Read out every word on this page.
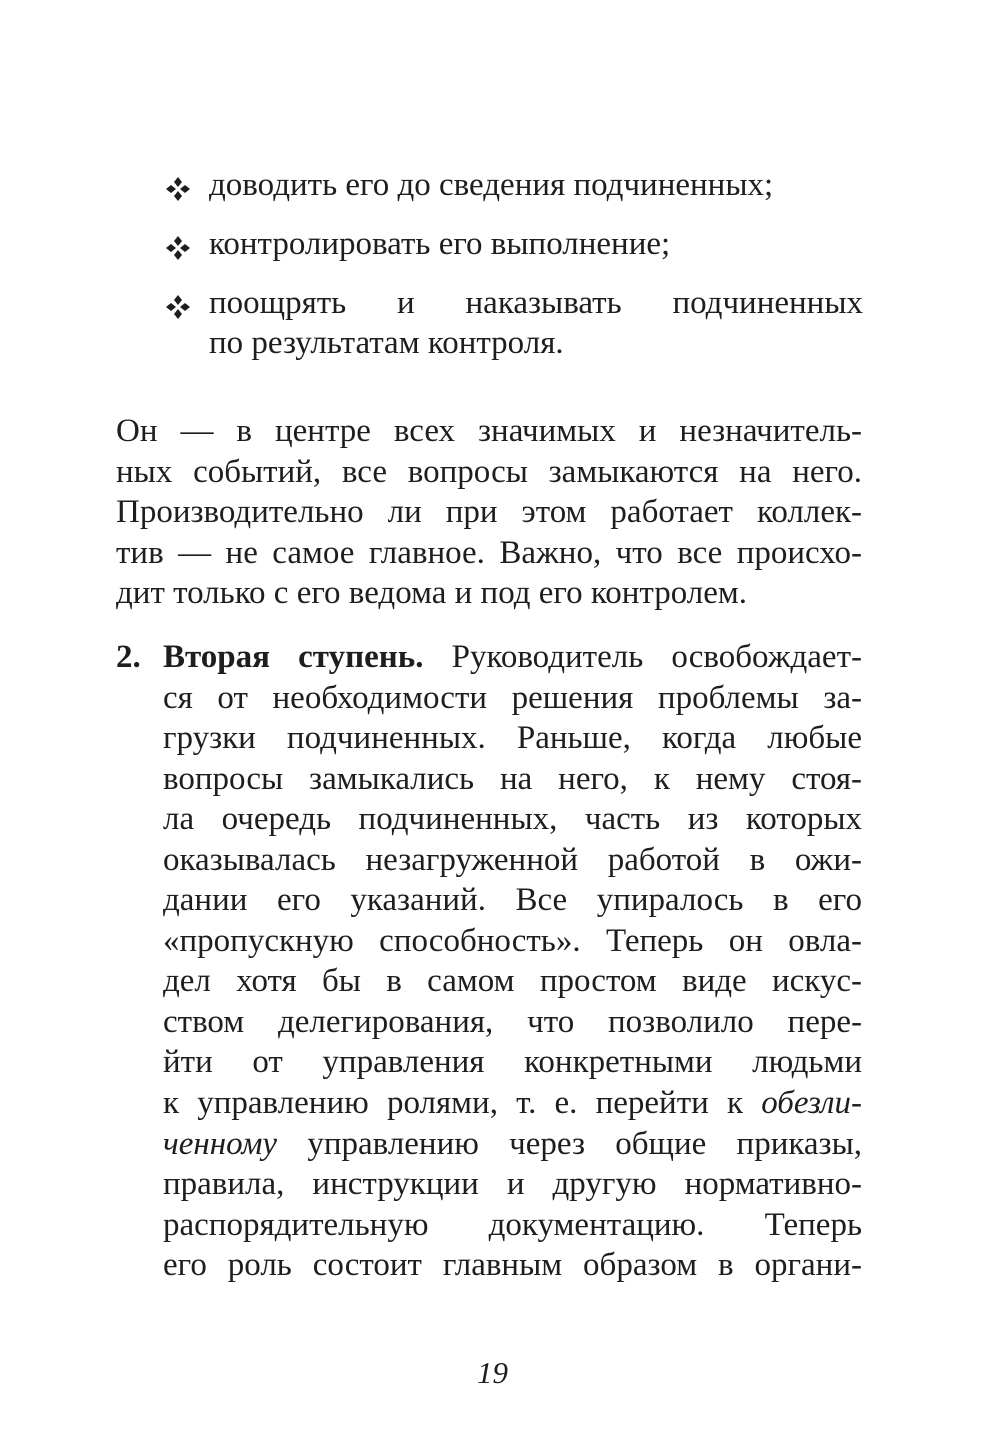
доводить его до сведения подчиненных;
контролировать его выполнение;
поощрять и наказывать подчиненных
по результатам контроля.

Он — в центре всех значимых и незначитель-
ных событий, все вопросы замыкаются на него.
Производительно ли при этом работает коллек-
тив — не самое главное. Важно, что все происхо-
дит только с его ведома и под его контролем.

2. Вторая ступень. Руководитель освобождает-
ся от необходимости решения проблемы за-
грузки подчиненных. Раньше, когда любые
вопросы замыкались на него, к нему стоя-
ла очередь подчиненных, часть из которых
оказывалась незагруженной работой в ожи-
дании его указаний. Все упиралось в его
«пропускную способность». Теперь он овла-
дел хотя бы в самом простом виде искус-
ством делегирования, что позволило пере-
йти от управления конкретными людьми
к управлению ролями, т. е. перейти к обезли-
ченному управлению через общие приказы,
правила, инструкции и другую нормативно-
распорядительную документацию. Теперь
его роль состоит главным образом в органи-
19
